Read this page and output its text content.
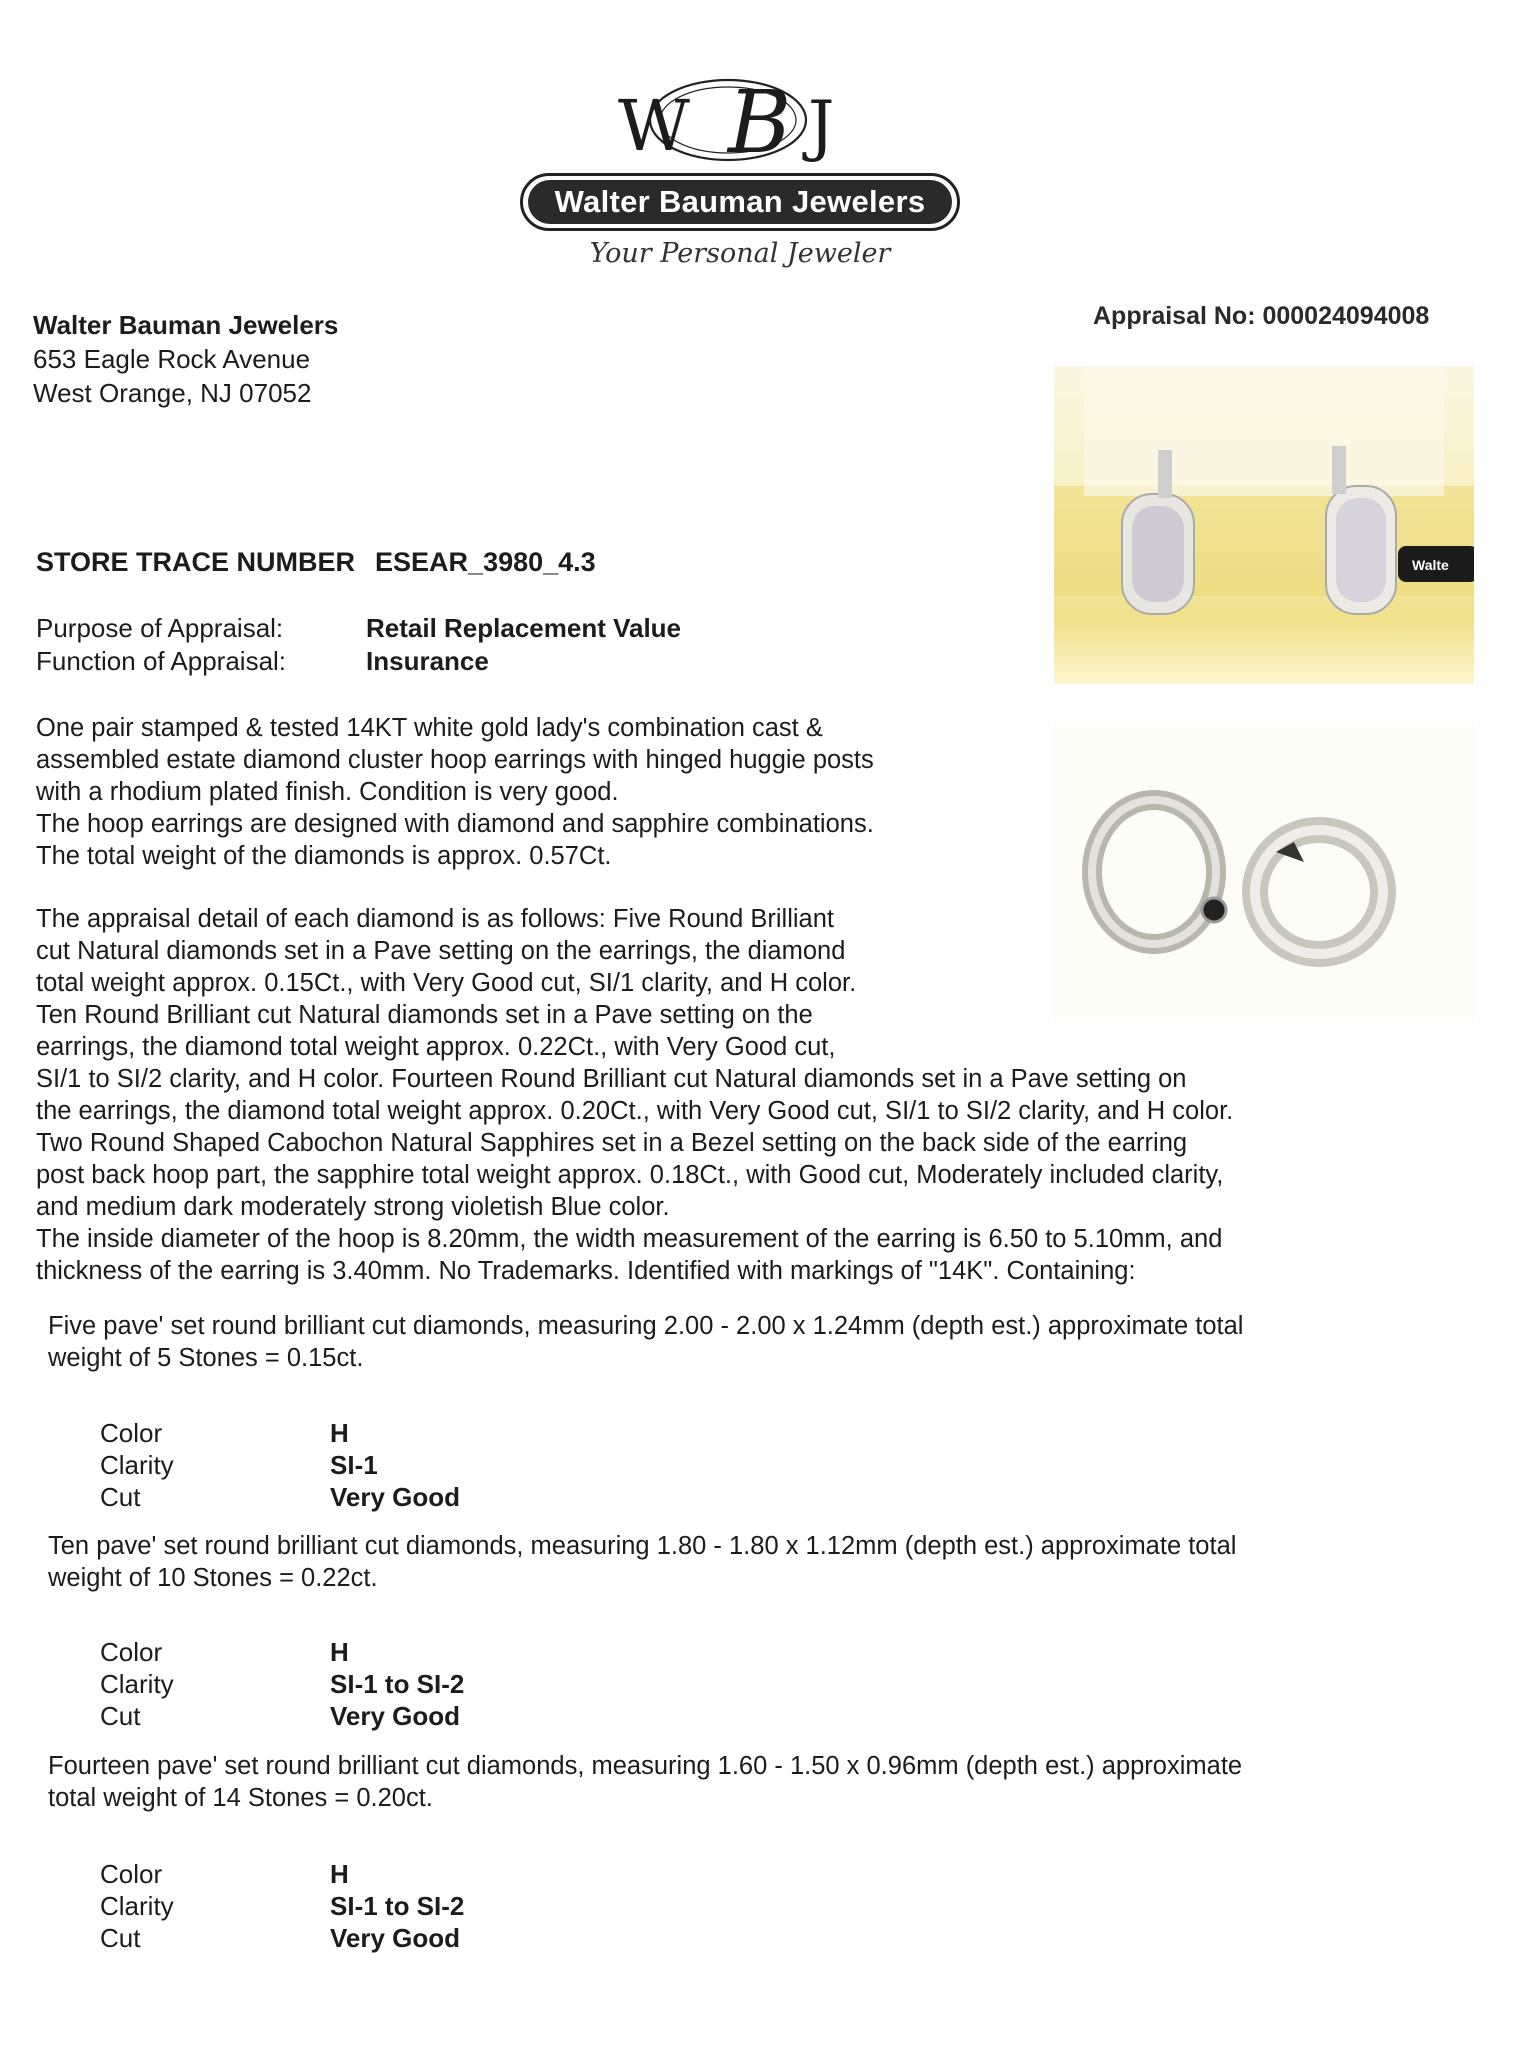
W B J
Walter Bauman Jewelers
Your Personal Jeweler
Walter Bauman Jewelers
653 Eagle Rock Avenue
West Orange, NJ 07052
Appraisal No: 000024094008
Walte
STORE TRACE NUMBER ESEAR_3980_4.3
Purpose of Appraisal:	Retail Replacement Value
Function of Appraisal:	Insurance
One pair stamped & tested 14KT white gold lady's combination cast &
assembled estate diamond cluster hoop earrings with hinged huggie posts
with a rhodium plated finish. Condition is very good.
The hoop earrings are designed with diamond and sapphire combinations.
The total weight of the diamonds is approx. 0.57Ct.
The appraisal detail of each diamond is as follows: Five Round Brilliant
cut Natural diamonds set in a Pave setting on the earrings, the diamond
total weight approx. 0.15Ct., with Very Good cut, SI/1 clarity, and H color.
Ten Round Brilliant cut Natural diamonds set in a Pave setting on the
earrings, the diamond total weight approx. 0.22Ct., with Very Good cut,
SI/1 to SI/2 clarity, and H color. Fourteen Round Brilliant cut Natural diamonds set in a Pave setting on
the earrings, the diamond total weight approx. 0.20Ct., with Very Good cut, SI/1 to SI/2 clarity, and H color.
Two Round Shaped Cabochon Natural Sapphires set in a Bezel setting on the back side of the earring
post back hoop part, the sapphire total weight approx. 0.18Ct., with Good cut, Moderately included clarity,
and medium dark moderately strong violetish Blue color.
The inside diameter of the hoop is 8.20mm, the width measurement of the earring is 6.50 to 5.10mm, and
thickness of the earring is 3.40mm. No Trademarks. Identified with markings of "14K". Containing:
Five pave' set round brilliant cut diamonds, measuring 2.00 - 2.00 x 1.24mm (depth est.) approximate total
weight of 5 Stones = 0.15ct.
Color	H
Clarity	SI-1
Cut	Very Good
Ten pave' set round brilliant cut diamonds, measuring 1.80 - 1.80 x 1.12mm (depth est.) approximate total
weight of 10 Stones = 0.22ct.
Color	H
Clarity	SI-1 to SI-2
Cut	Very Good
Fourteen pave' set round brilliant cut diamonds, measuring 1.60 - 1.50 x 0.96mm (depth est.) approximate
total weight of 14 Stones = 0.20ct.
Color	H
Clarity	SI-1 to SI-2
Cut	Very Good
